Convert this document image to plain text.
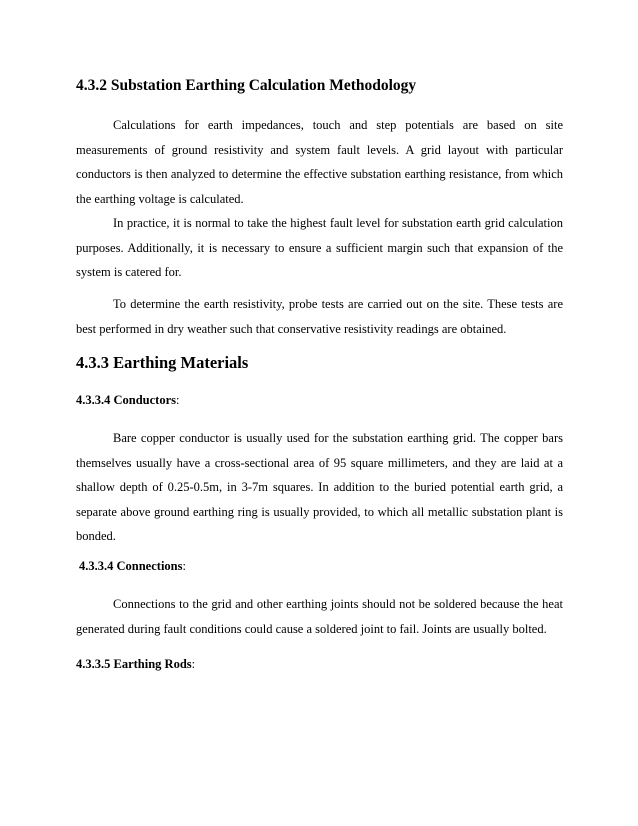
4.3.2 Substation Earthing Calculation Methodology

Calculations for earth impedances, touch and step potentials are based on site measurements of ground resistivity and system fault levels. A grid layout with particular conductors is then analyzed to determine the effective substation earthing resistance, from which the earthing voltage is calculated.

In practice, it is normal to take the highest fault level for substation earth grid calculation purposes. Additionally, it is necessary to ensure a sufficient margin such that expansion of the system is catered for.

To determine the earth resistivity, probe tests are carried out on the site. These tests are best performed in dry weather such that conservative resistivity readings are obtained.

4.3.3 Earthing Materials
4.3.3.4 Conductors:

Bare copper conductor is usually used for the substation earthing grid. The copper bars themselves usually have a cross-sectional area of 95 square millimeters, and they are laid at a shallow depth of 0.25-0.5m, in 3-7m squares. In addition to the buried potential earth grid, a separate above ground earthing ring is usually provided, to which all metallic substation plant is bonded.

4.3.3.4 Connections:

Connections to the grid and other earthing joints should not be soldered because the heat generated during fault conditions could cause a soldered joint to fail. Joints are usually bolted.

4.3.3.5 Earthing Rods:
